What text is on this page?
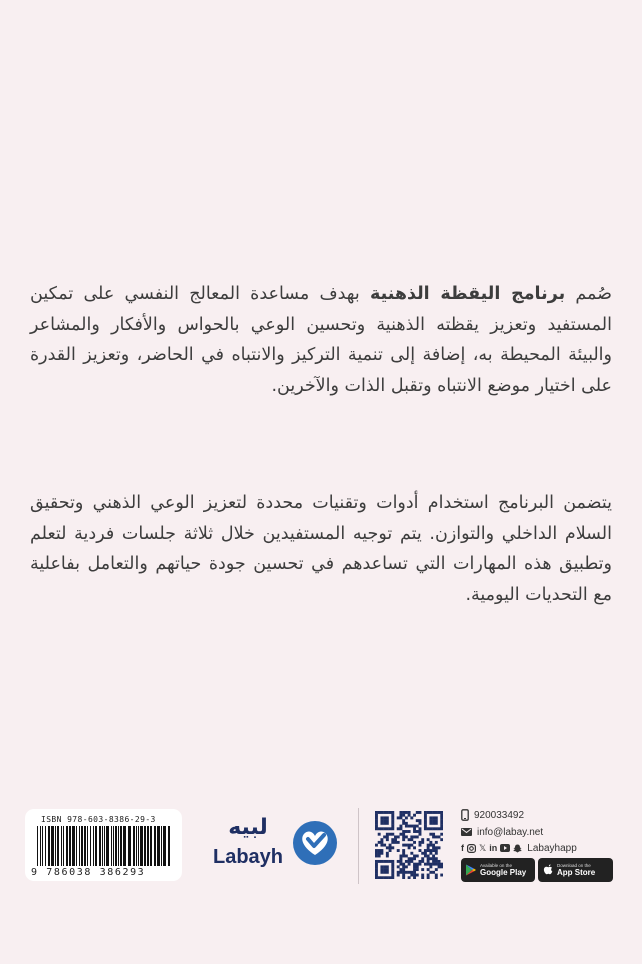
صُمم برنامج اليقظة الذهنية بهدف مساعدة المعالج النفسي على تمكين المستفيد وتعزيز يقظته الذهنية وتحسين الوعي بالحواس والأفكار والمشاعر والبيئة المحيطة به، إضافة إلى تنمية التركيز والانتباه في الحاضر، وتعزيز القدرة على اختيار موضع الانتباه وتقبل الذات والآخرين.

يتضمن البرنامج استخدام أدوات وتقنيات محددة لتعزيز الوعي الذهني وتحقيق السلام الداخلي والتوازن. يتم توجيه المستفيدين خلال ثلاثة جلسات فردية لتعلم وتطبيق هذه المهارات التي تساعدهم في تحسين جودة حياتهم والتعامل بفاعلية مع التحديات اليومية.

ISBN 978-603-8386-29-3
9 786038 386293
لبيه
Labayh
920033492
info@labay.net
f 𝕏 in	Labayhapp
Available on the
Google Play
Download on the
App Store
